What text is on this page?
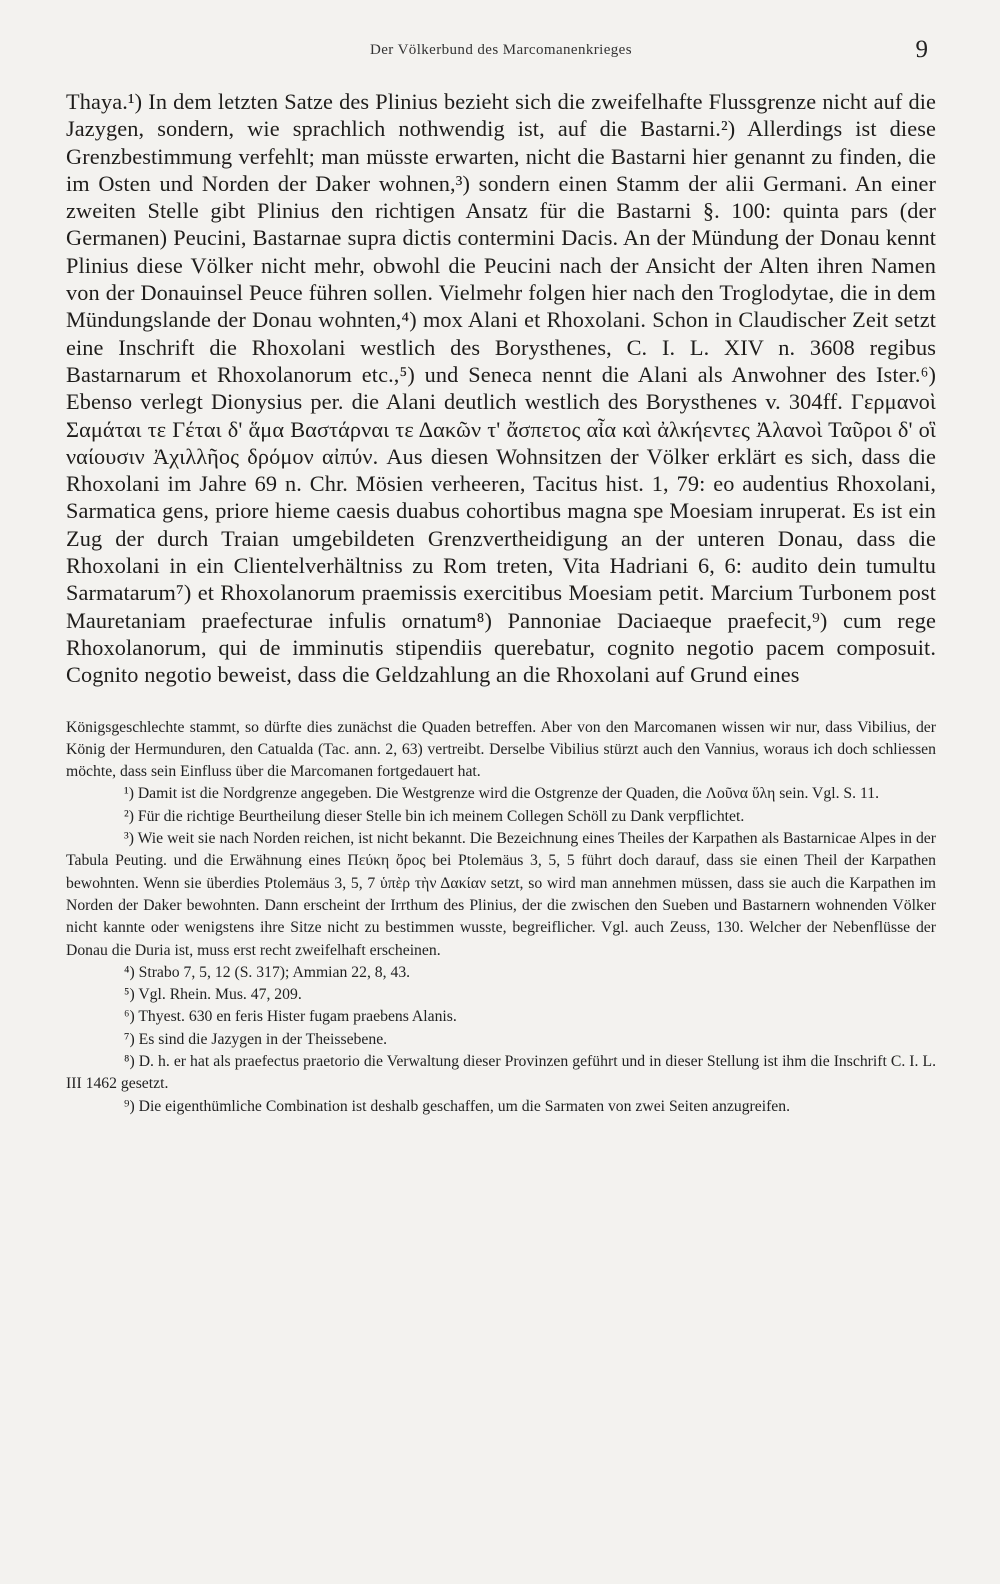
Der Völkerbund des Marcomanenkrieges	9

Thaya.¹) In dem letzten Satze des Plinius bezieht sich die zweifelhafte Flussgrenze nicht auf die Jazygen, sondern, wie sprachlich nothwendig ist, auf die Bastarni.²) Allerdings ist diese Grenzbestimmung verfehlt; man müsste erwarten, nicht die Bastarni hier genannt zu finden, die im Osten und Norden der Daker wohnen,³) sondern einen Stamm der alii Germani. An einer zweiten Stelle gibt Plinius den richtigen Ansatz für die Bastarni §. 100: quinta pars (der Germanen) Peucini, Bastarnae supra dictis contermini Dacis. An der Mündung der Donau kennt Plinius diese Völker nicht mehr, obwohl die Peucini nach der Ansicht der Alten ihren Namen von der Donauinsel Peuce führen sollen. Vielmehr folgen hier nach den Troglodytae, die in dem Mündungslande der Donau wohnten,⁴) mox Alani et Rhoxolani. Schon in Claudischer Zeit setzt eine Inschrift die Rhoxolani westlich des Borysthenes, C. I. L. XIV n. 3608 regibus Bastarnarum et Rhoxolanorum etc.,⁵) und Seneca nennt die Alani als Anwohner des Ister.⁶) Ebenso verlegt Dionysius per. die Alani deutlich westlich des Borysthenes v. 304ff. Γερμανοὶ Σαμάται τε Γέται δ' ἅμα Βαστάρναι τε Δακῶν τ' ἄσπετος αἶα καὶ ἀλκήεντες Ἀλανοὶ Ταῦροι δ' οἳ ναίουσιν Ἀχιλλῆος δρόμον αἰπύν. Aus diesen Wohnsitzen der Völker erklärt es sich, dass die Rhoxolani im Jahre 69 n. Chr. Mösien verheeren, Tacitus hist. 1, 79: eo audentius Rhoxolani, Sarmatica gens, priore hieme caesis duabus cohortibus magna spe Moesiam inruperat. Es ist ein Zug der durch Traian umgebildeten Grenzvertheidigung an der unteren Donau, dass die Rhoxolani in ein Clientelverhältniss zu Rom treten, Vita Hadriani 6, 6: audito dein tumultu Sarmatarum⁷) et Rhoxolanorum praemissis exercitibus Moesiam petit. Marcium Turbonem post Mauretaniam praefecturae infulis ornatum⁸) Pannoniae Daciaeque praefecit,⁹) cum rege Rhoxolanorum, qui de imminutis stipendiis querebatur, cognito negotio pacem composuit. Cognito negotio beweist, dass die Geldzahlung an die Rhoxolani auf Grund eines

Königsgeschlechte stammt, so dürfte dies zunächst die Quaden betreffen. Aber von den Marcomanen wissen wir nur, dass Vibilius, der König der Hermunduren, den Catualda (Tac. ann. 2, 63) vertreibt. Derselbe Vibilius stürzt auch den Vannius, woraus ich doch schliessen möchte, dass sein Einfluss über die Marcomanen fortgedauert hat.

¹) Damit ist die Nordgrenze angegeben. Die Westgrenze wird die Ostgrenze der Quaden, die Λοῦνα ὕλη sein. Vgl. S. 11.

²) Für die richtige Beurtheilung dieser Stelle bin ich meinem Collegen Schöll zu Dank verpflichtet.

³) Wie weit sie nach Norden reichen, ist nicht bekannt. Die Bezeichnung eines Theiles der Karpathen als Bastarnicae Alpes in der Tabula Peuting. und die Erwähnung eines Πεύκη ὄρος bei Ptolemäus 3, 5, 5 führt doch darauf, dass sie einen Theil der Karpathen bewohnten. Wenn sie überdies Ptolemäus 3, 5, 7 ὑπὲρ τὴν Δακίαν setzt, so wird man annehmen müssen, dass sie auch die Karpathen im Norden der Daker bewohnten. Dann erscheint der Irrthum des Plinius, der die zwischen den Sueben und Bastarnern wohnenden Völker nicht kannte oder wenigstens ihre Sitze nicht zu bestimmen wusste, begreiflicher. Vgl. auch Zeuss, 130. Welcher der Nebenflüsse der Donau die Duria ist, muss erst recht zweifelhaft erscheinen.

⁴) Strabo 7, 5, 12 (S. 317); Ammian 22, 8, 43.

⁵) Vgl. Rhein. Mus. 47, 209.

⁶) Thyest. 630 en feris Hister fugam praebens Alanis.

⁷) Es sind die Jazygen in der Theissebene.

⁸) D. h. er hat als praefectus praetorio die Verwaltung dieser Provinzen geführt und in dieser Stellung ist ihm die Inschrift C. I. L. III 1462 gesetzt.

⁹) Die eigenthümliche Combination ist deshalb geschaffen, um die Sarmaten von zwei Seiten anzugreifen.
